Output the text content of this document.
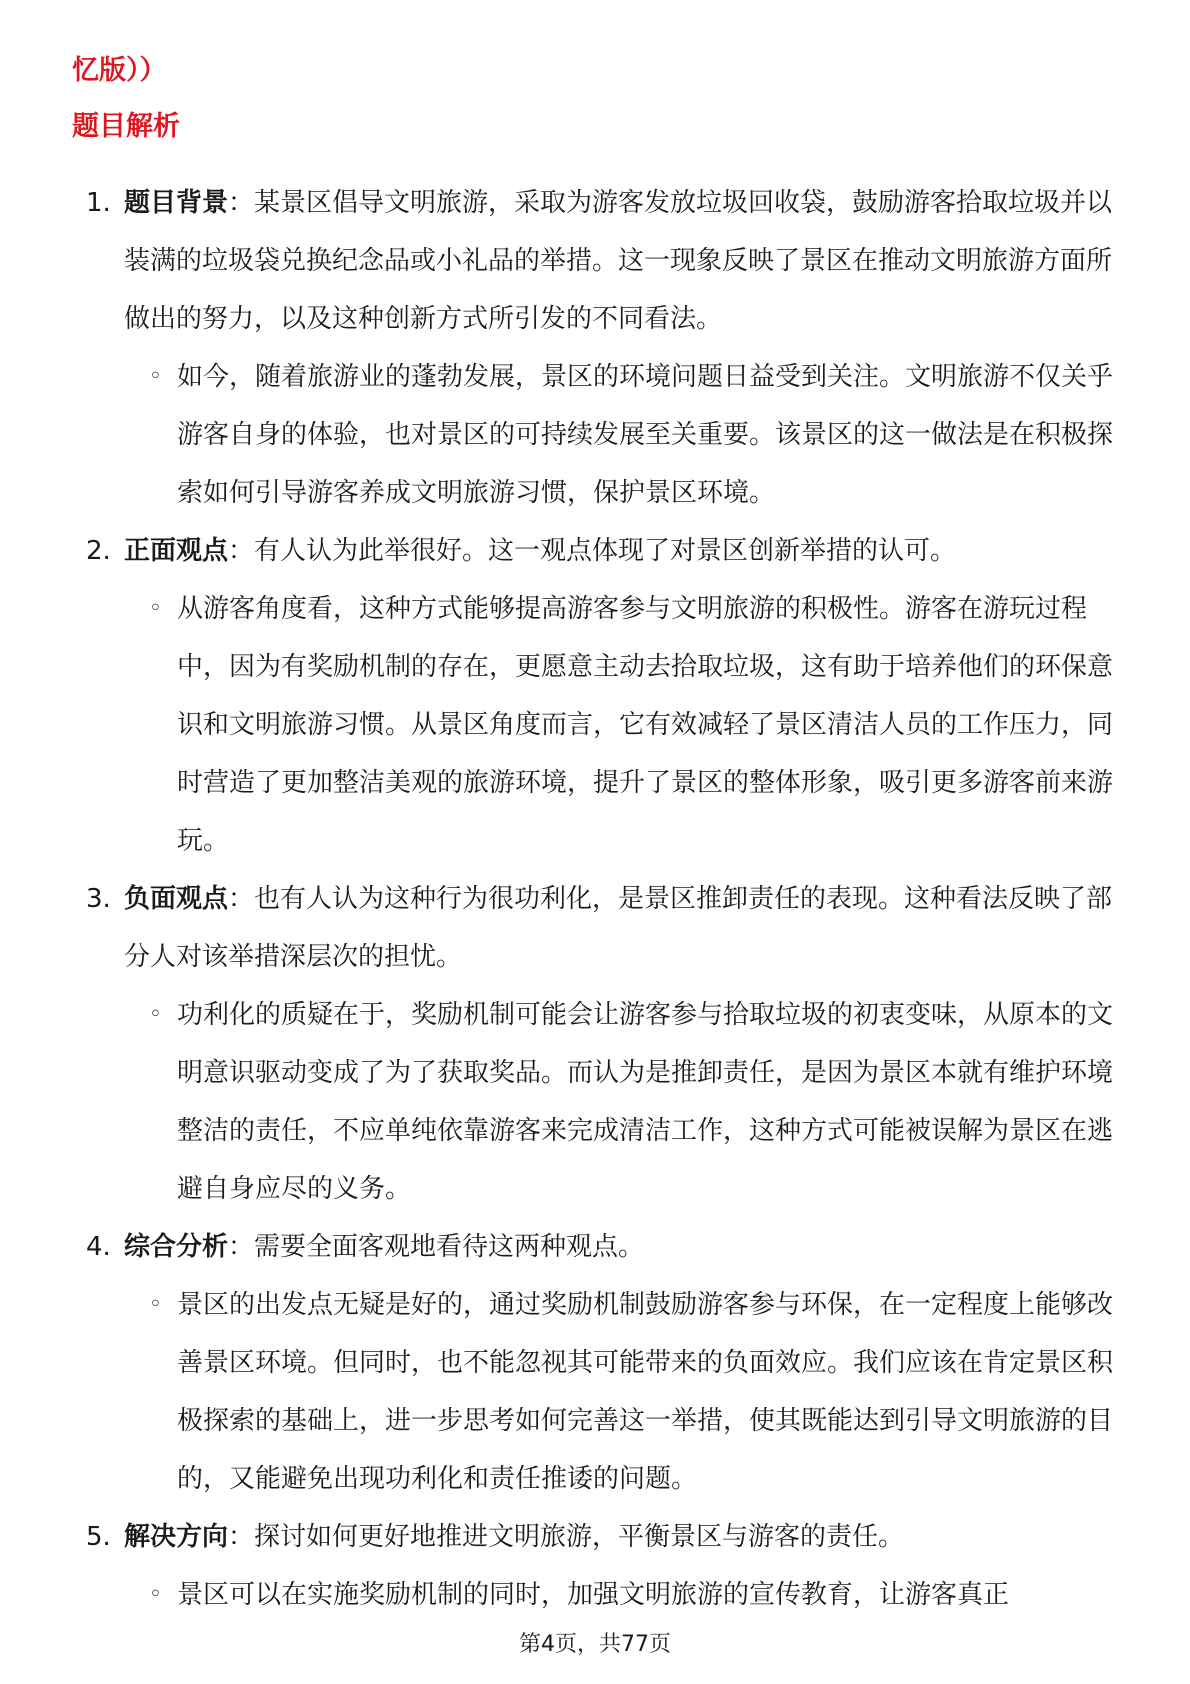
忆版））

题目解析

1. 题目背景：某景区倡导文明旅游，采取为游客发放垃圾回收袋，鼓励游客拾取垃圾并以装满的垃圾袋兑换纪念品或小礼品的举措。这一现象反映了景区在推动文明旅游方面所做出的努力，以及这种创新方式所引发的不同看法。

◦ 如今，随着旅游业的蓬勃发展，景区的环境问题日益受到关注。文明旅游不仅关乎游客自身的体验，也对景区的可持续发展至关重要。该景区的这一做法是在积极探索如何引导游客养成文明旅游习惯，保护景区环境。

2. 正面观点：有人认为此举很好。这一观点体现了对景区创新举措的认可。

◦ 从游客角度看，这种方式能够提高游客参与文明旅游的积极性。游客在游玩过程中，因为有奖励机制的存在，更愿意主动去拾取垃圾，这有助于培养他们的环保意识和文明旅游习惯。从景区角度而言，它有效减轻了景区清洁人员的工作压力，同时营造了更加整洁美观的旅游环境，提升了景区的整体形象，吸引更多游客前来游玩。

3. 负面观点：也有人认为这种行为很功利化，是景区推卸责任的表现。这种看法反映了部分人对该举措深层次的担忧。

◦ 功利化的质疑在于，奖励机制可能会让游客参与拾取垃圾的初衷变味，从原本的文明意识驱动变成了为了获取奖品。而认为是推卸责任，是因为景区本就有维护环境整洁的责任，不应单纯依靠游客来完成清洁工作，这种方式可能被误解为景区在逃避自身应尽的义务。

4. 综合分析：需要全面客观地看待这两种观点。

◦ 景区的出发点无疑是好的，通过奖励机制鼓励游客参与环保，在一定程度上能够改善景区环境。但同时，也不能忽视其可能带来的负面效应。我们应该在肯定景区积极探索的基础上，进一步思考如何完善这一举措，使其既能达到引导文明旅游的目的，又能避免出现功利化和责任推诿的问题。

5. 解决方向：探讨如何更好地推进文明旅游，平衡景区与游客的责任。

◦ 景区可以在实施奖励机制的同时，加强文明旅游的宣传教育，让游客真正

第4页，共77页
